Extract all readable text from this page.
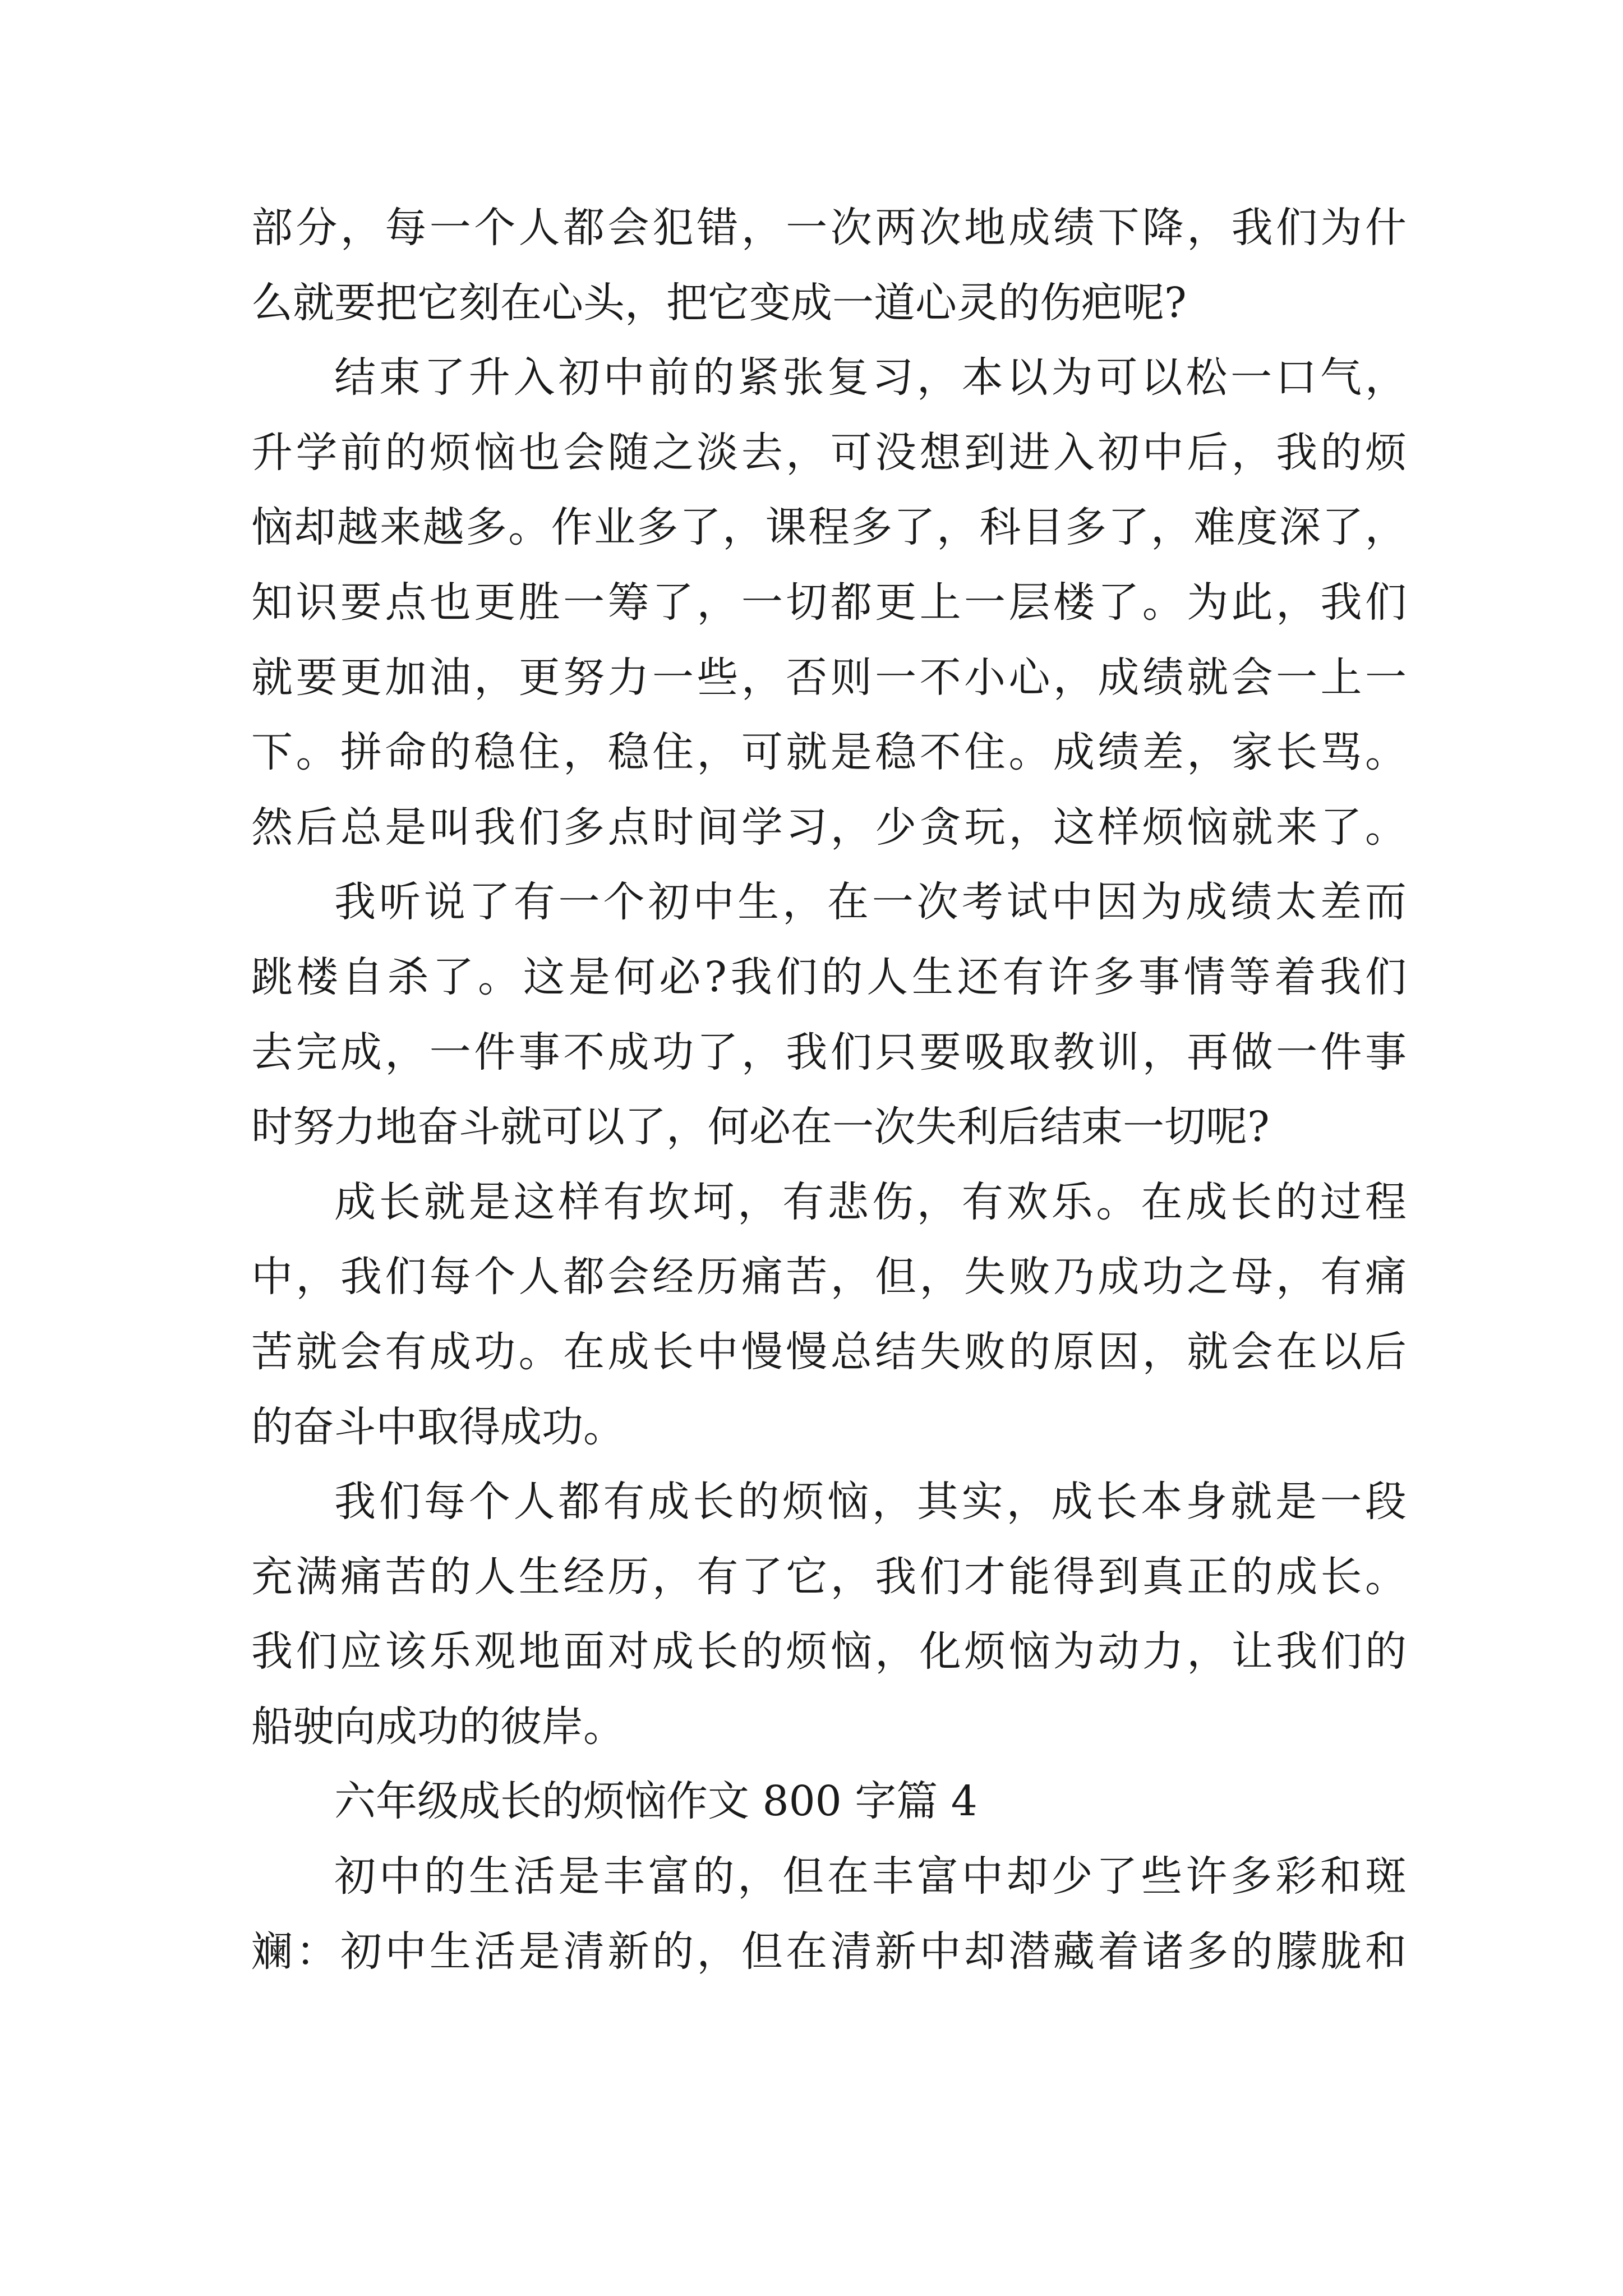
部 分 ， 每 一 个 人 都 会 犯 错 ， 一 次 两 次 地 成 绩 下 降 ， 我 们 为 什
么就要把它刻在心头，把它变成一道心灵的伤疤呢?
结 束 了 升 入 初 中 前 的 紧 张 复 习 ， 本 以 为 可 以 松 一 口 气 ，
升 学 前 的 烦 恼 也 会 随 之 淡 去 ， 可 没 想 到 进 入 初 中 后 ， 我 的 烦
恼 却 越 来 越 多 。 作 业 多 了 ， 课 程 多 了 ， 科 目 多 了 ， 难 度 深 了 ，
知 识 要 点 也 更 胜 一 筹 了 ， 一 切 都 更 上 一 层 楼 了 。 为 此 ， 我 们
就 要 更 加 油 ， 更 努 力 一 些 ， 否 则 一 不 小 心 ， 成 绩 就 会 一 上 一
下 。 拼 命 的 稳 住 ， 稳 住 ， 可 就 是 稳 不 住 。 成 绩 差 ， 家 长 骂 。
然 后 总 是 叫 我 们 多 点 时 间 学 习 ， 少 贪 玩 ， 这 样 烦 恼 就 来 了 。
我 听 说 了 有 一 个 初 中 生 ， 在 一 次 考 试 中 因 为 成 绩 太 差 而
跳 楼 自 杀 了 。 这 是 何 必 ? 我 们 的 人 生 还 有 许 多 事 情 等 着 我 们
去 完 成 ， 一 件 事 不 成 功 了 ， 我 们 只 要 吸 取 教 训 ， 再 做 一 件 事
时努力地奋斗就可以了，何必在一次失利后结束一切呢?
成 长 就 是 这 样 有 坎 坷 ， 有 悲 伤 ， 有 欢 乐 。 在 成 长 的 过 程
中 ， 我 们 每 个 人 都 会 经 历 痛 苦 ， 但 ， 失 败 乃 成 功 之 母 ， 有 痛
苦 就 会 有 成 功 。 在 成 长 中 慢 慢 总 结 失 败 的 原 因 ， 就 会 在 以 后
的奋斗中取得成功。
我 们 每 个 人 都 有 成 长 的 烦 恼 ， 其 实 ， 成 长 本 身 就 是 一 段
充 满 痛 苦 的 人 生 经 历 ， 有 了 它 ， 我 们 才 能 得 到 真 正 的 成 长 。
我 们 应 该 乐 观 地 面 对 成 长 的 烦 恼 ， 化 烦 恼 为 动 力 ， 让 我 们 的
船驶向成功的彼岸。
六年级成长的烦恼作文 800 字篇 4
初 中 的 生 活 是 丰 富 的 ， 但 在 丰 富 中 却 少 了 些 许 多 彩 和 斑
斓 ： 初 中 生 活 是 清 新 的 ， 但 在 清 新 中 却 潜 藏 着 诸 多 的 朦 胧 和
